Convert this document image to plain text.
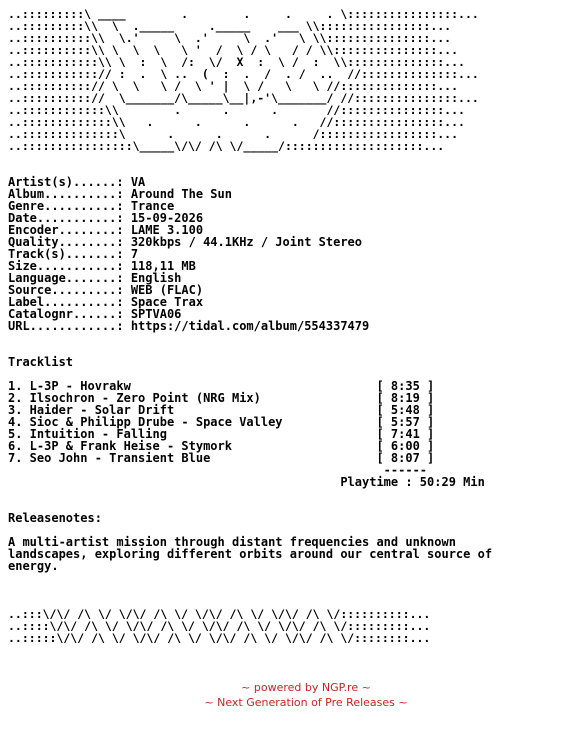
..:::::::::\ ____        .        .     .     . \::::::::::::::::...
..:::::::::\\  \  ._____     ._____    ___ \\::::::::::::::::...
..::::::::::\\  \.'     \  .'     \  .'   \ \\:::::::::::::::...
..::::::::::\\ \  \  \   \ '  /  \ / \   / / \\:::::::::::::::...
..:::::::::::\\ \  :  \  /:  \/  X  :  \ /  :  \\::::::::::::::...
..:::::::::::// :  .  \ ..  (  :  .  /  . /  ..  //::::::::::::::...
..::::::::::// \  \   \ /  \ ' |  \ /   \   \ //::::::::::::::...
..:::::::::://  \_______/\_____\__|,-'\_______/ //:::::::::::::::...
..::::::::::::\\        .      .      .       //:::::::::::::::...
..:::::::::::::\\   .      .      .      .   //::::::::::::::::...
..::::::::::::::\      .      .      .      /:::::::::::::::::...
..::::::::::::::::\_____\/\/ /\ \/_____/::::::::::::::::::::...
Artist(s)......: VA
Album..........: Around The Sun
Genre..........: Trance
Date...........: 15-09-2026
Encoder........: LAME 3.100
Quality........: 320kbps / 44.1KHz / Joint Stereo
Track(s).......: 7
Size...........: 118,11 MB
Language.......: English
Source.........: WEB (FLAC)
Label..........: Space Trax
Catalognr......: SPTVA06
URL............: https://tidal.com/album/554337479
Tracklist
1. L-3P - Hovrakw                                  [ 8:35 ]
2. Ilsochron - Zero Point (NRG Mix)                [ 8:19 ]
3. Haider - Solar Drift                            [ 5:48 ]
4. Sioc & Philipp Drube - Space Valley             [ 5:57 ]
5. Intuition - Falling                             [ 7:41 ]
6. L-3P & Frank Heise - Stymork                    [ 6:00 ]
7. Seo John - Transient Blue                       [ 8:07 ]
------
Playtime : 50:29 Min
Releasenotes:
A multi-artist mission through distant frequencies and unknown
landscapes, exploring different orbits around our central source of
energy.
..:::\/\/ /\ \/ \/\/ /\ \/ \/\/ /\ \/ \/\/ /\ \/::::::::::...
..::::\/\/ /\ \/ \/\/ /\ \/ \/\/ /\ \/ \/\/ /\ \/:::::::::...
..:::::\/\/ /\ \/ \/\/ /\ \/ \/\/ /\ \/ \/\/ /\ \/::::::::...
~ powered by NGP.re ~
~ Next Generation of Pre Releases ~
